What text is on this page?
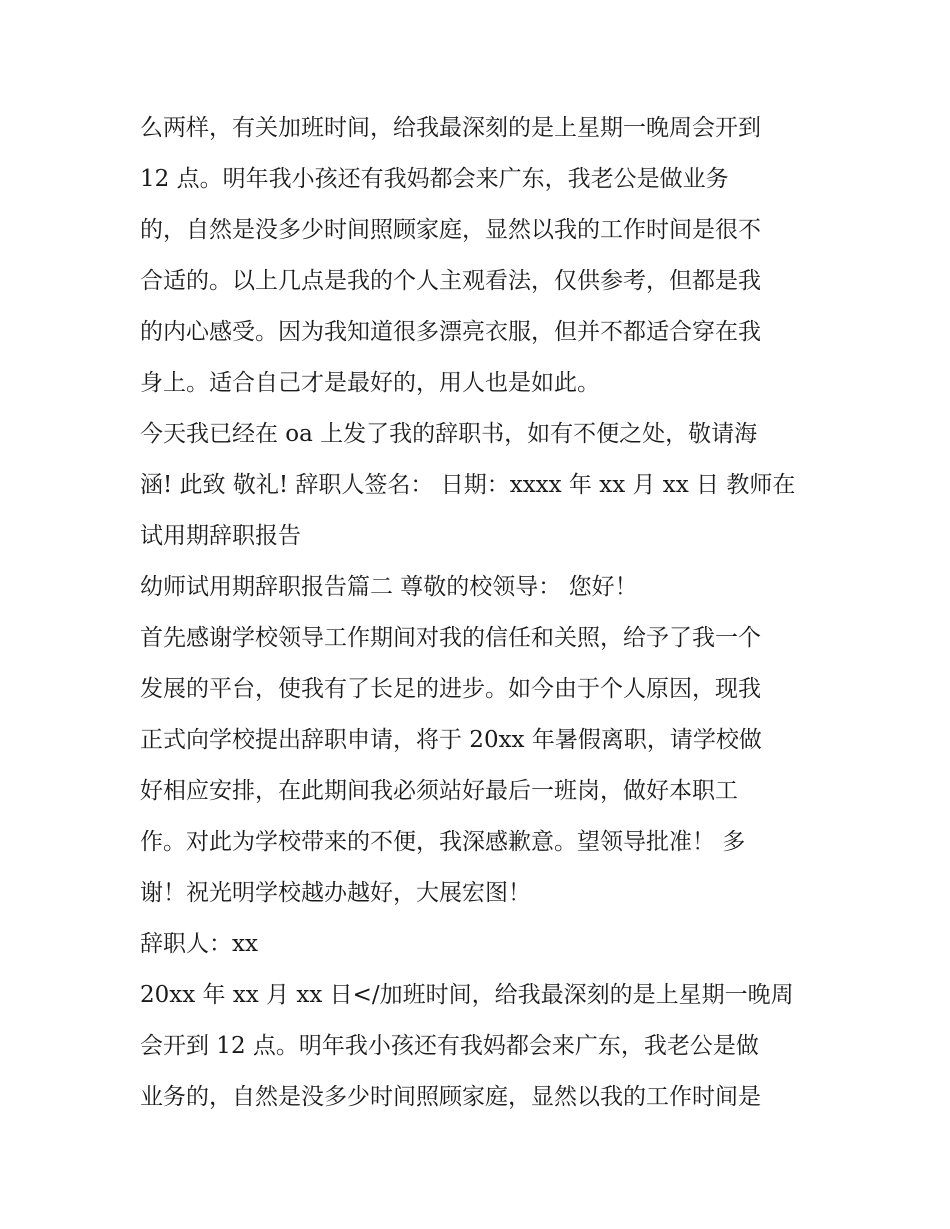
么两样，有关加班时间，给我最深刻的是上星期一晚周会开到
12 点。明年我小孩还有我妈都会来广东，我老公是做业务
的，自然是没多少时间照顾家庭，显然以我的工作时间是很不
合适的。以上几点是我的个人主观看法，仅供参考，但都是我
的内心感受。因为我知道很多漂亮衣服，但并不都适合穿在我
身上。适合自己才是最好的，用人也是如此。
今天我已经在 oa 上发了我的辞职书，如有不便之处，敬请海
涵! 此致 敬礼! 辞职人签名： 日期：xxxx 年 xx 月 xx 日 教师在
试用期辞职报告
幼师试用期辞职报告篇二 尊敬的校领导： 您好！
首先感谢学校领导工作期间对我的信任和关照，给予了我一个
发展的平台，使我有了长足的进步。如今由于个人原因，现我
正式向学校提出辞职申请，将于 20xx 年暑假离职，请学校做
好相应安排，在此期间我必须站好最后一班岗，做好本职工
作。对此为学校带来的不便，我深感歉意。望领导批准！ 多
谢！祝光明学校越办越好，大展宏图！
辞职人：xx
20xx 年 xx 月 xx 日</加班时间，给我最深刻的是上星期一晚周
会开到 12 点。明年我小孩还有我妈都会来广东，我老公是做
业务的，自然是没多少时间照顾家庭，显然以我的工作时间是
